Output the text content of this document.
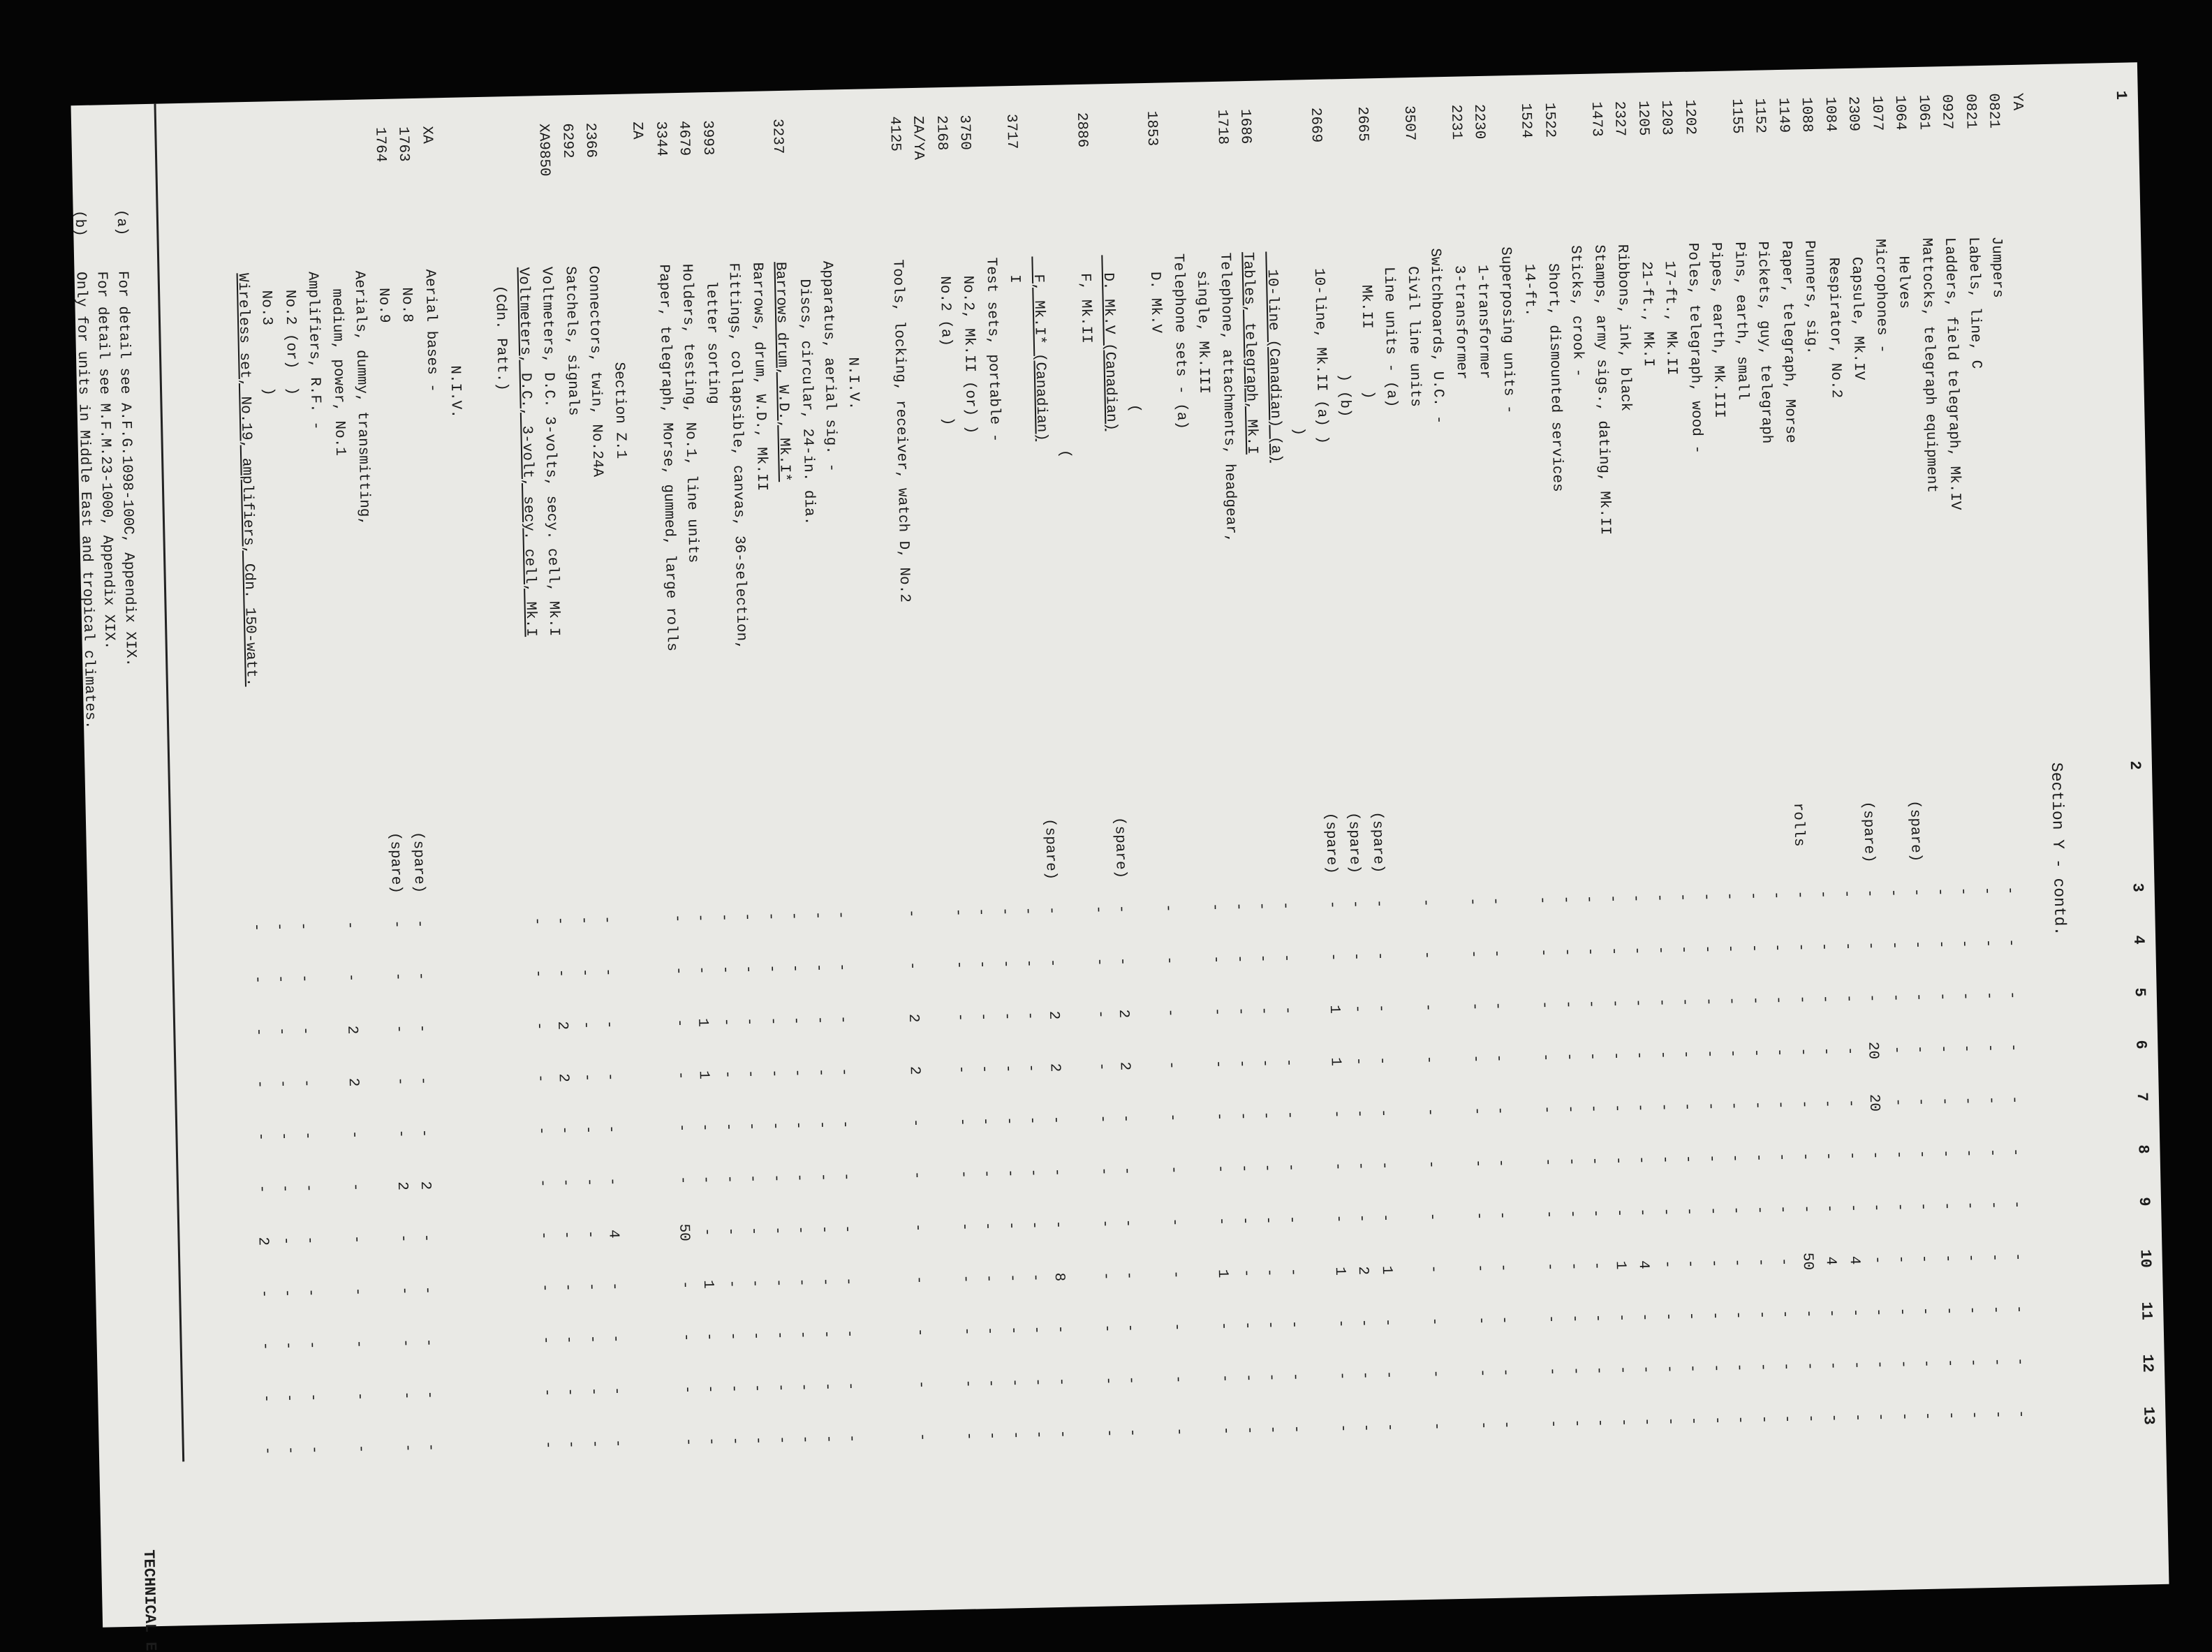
1
2
3
4
5
6
7
8
9
10
11
12
13
TECHNICAL E
Section Y - contd.
YA
0821
Jumpers
-
-
-
-
-
-
-
-
-
-
-
0821
Labels, line, C
-
-
-
-
-
-
-
-
-
-
-
0927
Ladders, field telegraph, Mk.IV
-
-
-
-
-
-
-
-
-
-
-
1061
Mattocks, telegraph equipment
-
-
-
-
-
-
-
-
-
-
-
1064
Helves
(spare)
-
-
-
-
-
-
-
-
-
-
-
1077
Microphones -
-
-
-
-
-
-
-
-
-
-
-
2309
Capsule, Mk.IV
(spare)
-
-
-
20
20
-
-
-
-
-
-
1084
Respirator, No.2
-
-
-
-
-
-
-
4
-
-
-
1088
Punners, sig.
-
-
-
-
-
-
-
4
-
-
-
1149
Paper, telegraph, Morse
rolls
-
-
-
-
-
-
-
50
-
-
-
1152
Pickets, guy, telegraph
-
-
-
-
-
-
-
-
-
-
-
1155
Pins, earth, small
-
-
-
-
-
-
-
-
-
-
-
Pipes, earth, Mk.III
-
-
-
-
-
-
-
-
-
-
-
1202
Poles, telegraph, wood -
-
-
-
-
-
-
-
-
-
-
-
1203
17-ft., Mk.II
-
-
-
-
-
-
-
-
-
-
-
1205
21-ft., Mk.I
-
-
-
-
-
-
-
-
-
-
-
2327
Ribbons, ink, black
-
-
-
-
-
-
-
4
-
-
-
1473
Stamps, army sigs., dating, Mk.II
-
-
-
-
-
-
-
1
-
-
-
Sticks, crook -
-
-
-
-
-
-
-
-
-
-
-
1522
Short, dismounted services
-
-
-
-
-
-
-
-
-
-
-
1524
14-ft.
-
-
-
-
-
-
-
-
-
-
-
Superposing units -
2230
1-transformer
-
-
-
-
-
-
-
-
-
-
-
2231
3-transformer
-
-
-
-
-
-
-
-
-
-
-
Switchboards, U.C. -
3507
Civil line units
-
-
-
-
-
-
-
-
-
-
-
Line units - (a)
2665
Mk.II       )
(spare)
-
-
-
-
-
-
-
1
-
-
-
) (b)
(spare)
-
-
-
-
-
-
-
2
-
-
-
2669
10-line, Mk.II (a) )
(spare)
-
-
1
1
-
-
-
1
-
-
-
)
10-line (Canadian) (a)
-
-
-
-
-
-
-
-
-
-
-
1686
Tables, telegraph, Mk.I
-
-
-
-
-
-
-
-
-
-
-
1718
Telephone, attachments, headgear,
-
-
-
-
-
-
-
-
-
-
-
single, Mk.III
-
-
-
-
-
-
-
1
-
-
-
Telephone sets - (a)
1853
D. Mk.V
-
-
-
-
-
-
-
-
-
-
-
(
D. Mk.V (Canadian)
(spare)
-
-
2
2
-
-
-
-
-
-
-
2886
F, Mk.II
-
-
-
-
-
-
-
-
-
-
-
(
F, Mk.I* (Canadian)
(spare)
-
-
2
2
-
-
-
8
-
-
-
3717
I
-
-
-
-
-
-
-
-
-
-
-
Test sets, portable -
-
-
-
-
-
-
-
-
-
-
-
3750
No.2, Mk.II (or) )
-
-
-
-
-
-
-
-
-
-
-
2168
No.2 (a)        )
-
-
-
-
-
-
-
-
-
-
-
ZA/YA
4125
Tools, locking, receiver, watch D, No.2
-
-
2
2
-
-
-
-
-
-
-
N.I.V.
Apparatus, aerial sig. -
-
-
-
-
-
-
-
-
-
-
-
Discs, circular, 24-in. dia.
-
-
-
-
-
-
-
-
-
-
-
3237
Barrows drum, W.D., Mk.I*
-
-
-
-
-
-
-
-
-
-
-
Barrows, drum, W.D., Mk.II
-
-
-
-
-
-
-
-
-
-
-
Fittings, collapsible, canvas, 36-selection,
-
-
-
-
-
-
-
-
-
-
-
3993
letter sorting
-
-
-
-
-
-
-
-
-
-
-
4679
Holders, testing, No.1, line units
-
-
1
1
-
-
-
1
-
-
-
3344
Paper, telegraph, Morse, gummed, large rolls
-
-
-
-
-
-
50
-
-
-
-
ZA
Section Z.1
2366
Connectors, twin, No.24A
-
-
-
-
-
-
4
-
-
-
-
6292
Satchels, signals
-
-
-
-
-
-
-
-
-
-
-
XA9850
Voltmeters, D.C. 3-volts, secy. cell, Mk.I
-
-
2
2
-
-
-
-
-
-
-
Voltmeters, D.C., 3-volt, secy. cell, Mk.I
-
-
-
-
-
-
-
-
-
-
-
(Cdn. Patt.)
N.I.V.
XA
Aerial bases -
1763
No.8
(spare)
-
-
-
-
-
2
-
-
-
-
-
1764
No.9
(spare)
-
-
-
-
-
2
-
-
-
-
-
Aerials, dummy, transmitting,
medium, power, No.1
-
-
2
2
-
-
-
-
-
-
-
Amplifiers, R.F. -
No.2 (or)  )
-
-
-
-
-
-
-
-
-
-
-
No.3       )
-
-
-
-
-
-
-
-
-
-
-
Wireless set, No.19, amplifiers, Cdn. 150-watt.
-
-
-
-
-
-
2
-
-
-
-
(a)    For detail see A.F.G.1098-100C, Appendix XIX.
For detail see M.F.M.23-1000, Appendix XIX.
(b)    Only for units in Middle East and tropical climates.
